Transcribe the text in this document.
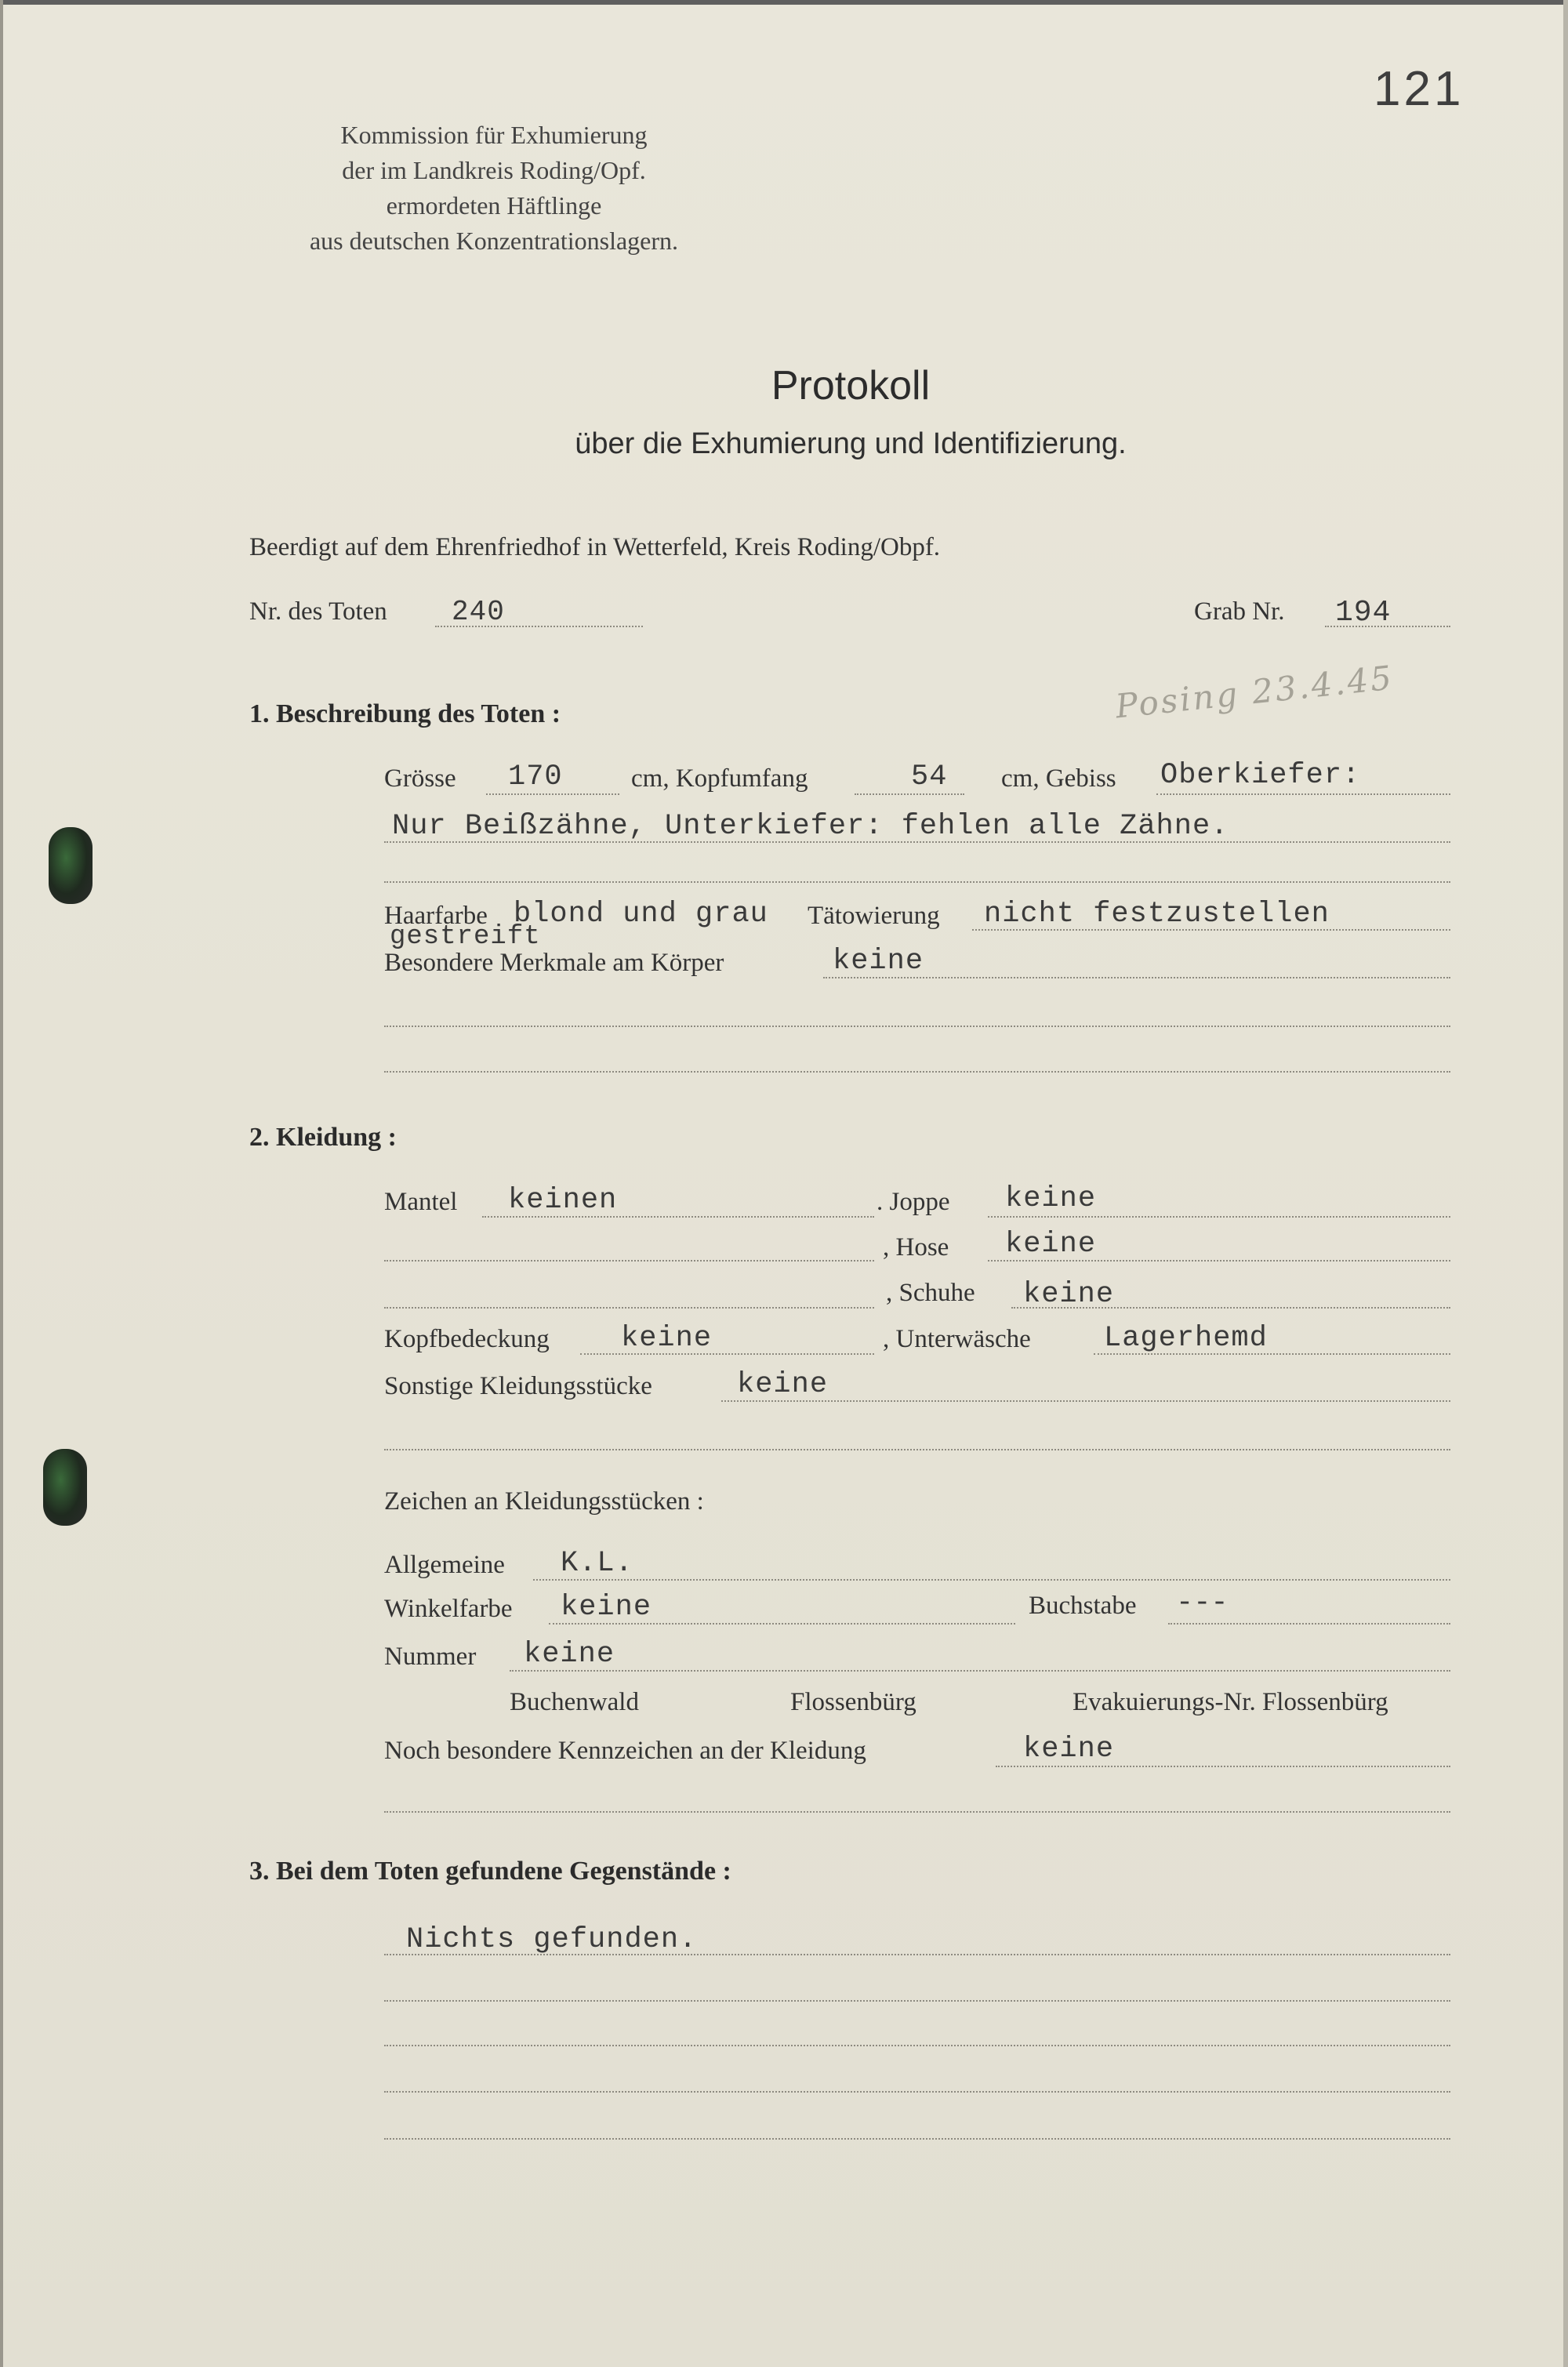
121
Kommission für Exhumierung
der im Landkreis Roding/Opf.
ermordeten Häftlinge
aus deutschen Konzentrationslagern.
Protokoll
über die Exhumierung und Identifizierung.
Beerdigt auf dem Ehrenfriedhof in Wetterfeld, Kreis Roding/Obpf.
Nr. des Toten 240	Grab Nr. 194
Posing 23.4.45
1. Beschreibung des Toten :
Grösse 170	cm, Kopfumfang	54 cm, Gebiss Oberkiefer:
Nur Beißzähne, Unterkiefer: fehlen alle Zähne.
Haarfarbe blond und grau Tätowierung nicht festzustellen
gestreift
Besondere Merkmale am Körper	keine
2. Kleidung :
Mantel keinen	. Joppe keine
, Hose keine
, Schuhe keine
Kopfbedeckung keine	, Unterwäsche	Lagerhemd
Sonstige Kleidungsstücke	keine
Zeichen an Kleidungsstücken :
Allgemeine K.L.
Winkelfarbe keine	Buchstabe ---
Nummer keine
Buchenwald	Flossenbürg	Evakuierungs-Nr. Flossenbürg
Noch besondere Kennzeichen an der Kleidung	keine
3. Bei dem Toten gefundene Gegenstände :
Nichts gefunden.
